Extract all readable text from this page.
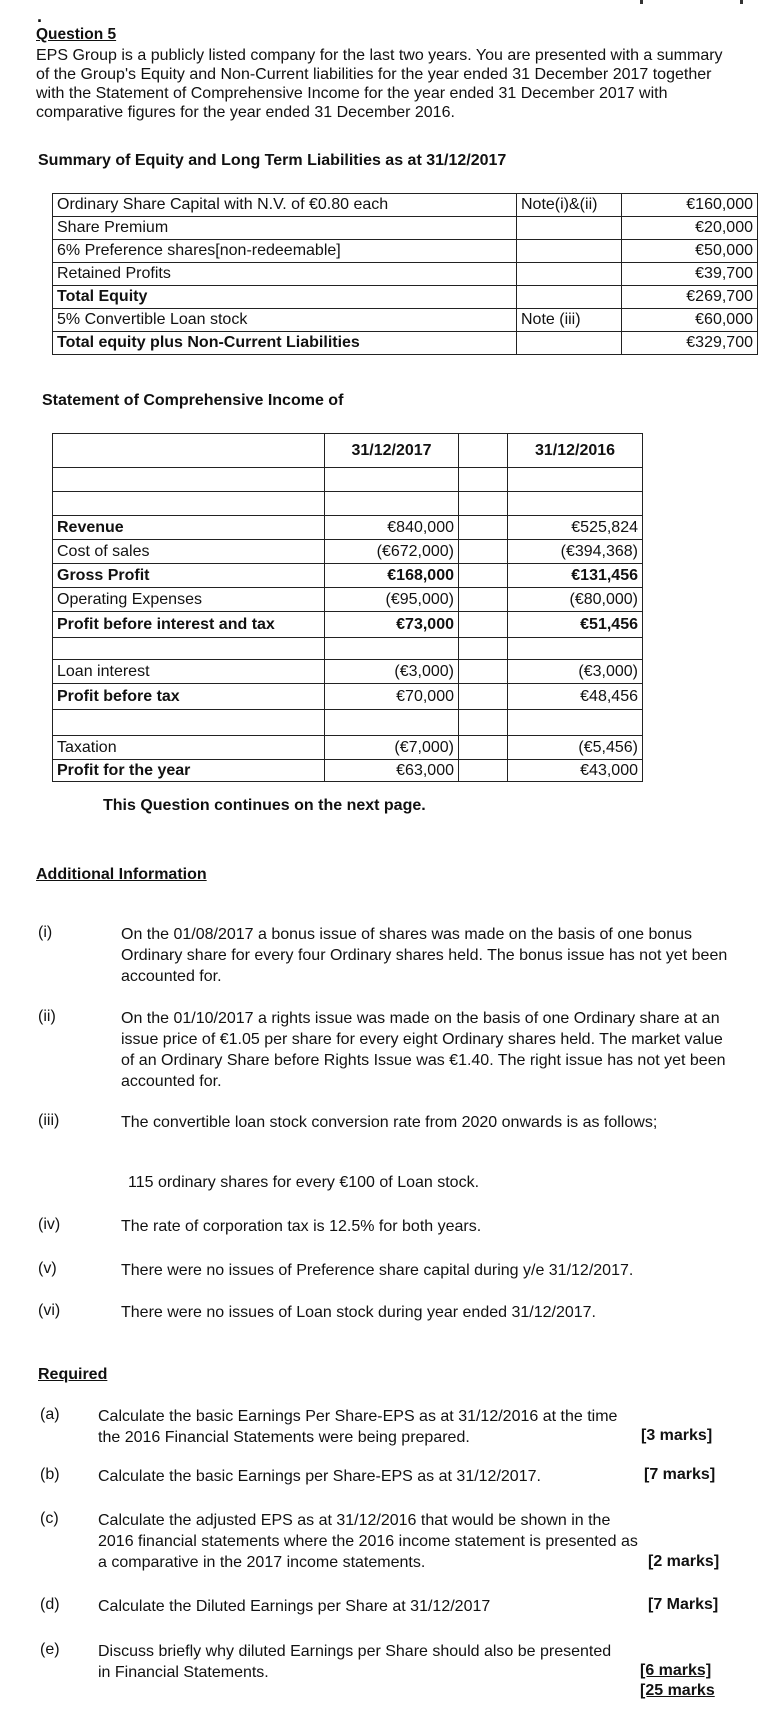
.
Question 5
EPS Group is a publicly listed company for the last two years. You are presented with a summary of the Group's Equity and Non-Current liabilities for the year ended 31 December 2017 together with the Statement of Comprehensive Income for the year ended 31 December 2017 with comparative figures for the year ended 31 December 2016.
Summary of Equity and Long Term Liabilities as at 31/12/2017
Ordinary Share Capital with N.V. of €0.80 each	Note(i)&(ii)	€160,000
Share Premium		€20,000
6% Preference shares[non-redeemable]		€50,000
Retained Profits		€39,700
Total Equity		€269,700
5% Convertible Loan stock	Note (iii)	€60,000
Total equity plus Non-Current Liabilities		€329,700
Statement of Comprehensive Income of
	31/12/2017		31/12/2016

Revenue	€840,000		€525,824
Cost of sales	(€672,000)		(€394,368)
Gross Profit	€168,000		€131,456
Operating Expenses	(€95,000)		(€80,000)
Profit before interest and tax	€73,000		€51,456

Loan interest	(€3,000)		(€3,000)
Profit before tax	€70,000		€48,456

Taxation	(€7,000)		(€5,456)
Profit for the year	€63,000		€43,000
This Question continues on the next page.
Additional Information
(i)	On the 01/08/2017 a bonus issue of shares was made on the basis of one bonus Ordinary share for every four Ordinary shares held. The bonus issue has not yet been accounted for.
(ii)	On the 01/10/2017 a rights issue was made on the basis of one Ordinary share at an issue price of €1.05 per share for every eight Ordinary shares held. The market value of an Ordinary Share before Rights Issue was €1.40. The right issue has not yet been accounted for.
(iii)	The convertible loan stock conversion rate from 2020 onwards is as follows;
115 ordinary shares for every €100 of Loan stock.
(iv)	The rate of corporation tax is 12.5% for both years.
(v)	There were no issues of Preference share capital during y/e 31/12/2017.
(vi)	There were no issues of Loan stock during year ended 31/12/2017.
Required
(a) Calculate the basic Earnings Per Share-EPS as at 31/12/2016 at the time the 2016 Financial Statements were being prepared.	[3 marks]
(b) Calculate the basic Earnings per Share-EPS as at 31/12/2017.	[7 marks]
(c) Calculate the adjusted EPS as at 31/12/2016 that would be shown in the 2016 financial statements where the 2016 income statement is presented as a comparative in the 2017 income statements.	[2 marks]
(d) Calculate the Diluted Earnings per Share at 31/12/2017	[7 Marks]
(e) Discuss briefly why diluted Earnings per Share should also be presented in Financial Statements.	[6 marks]
[25 marks
